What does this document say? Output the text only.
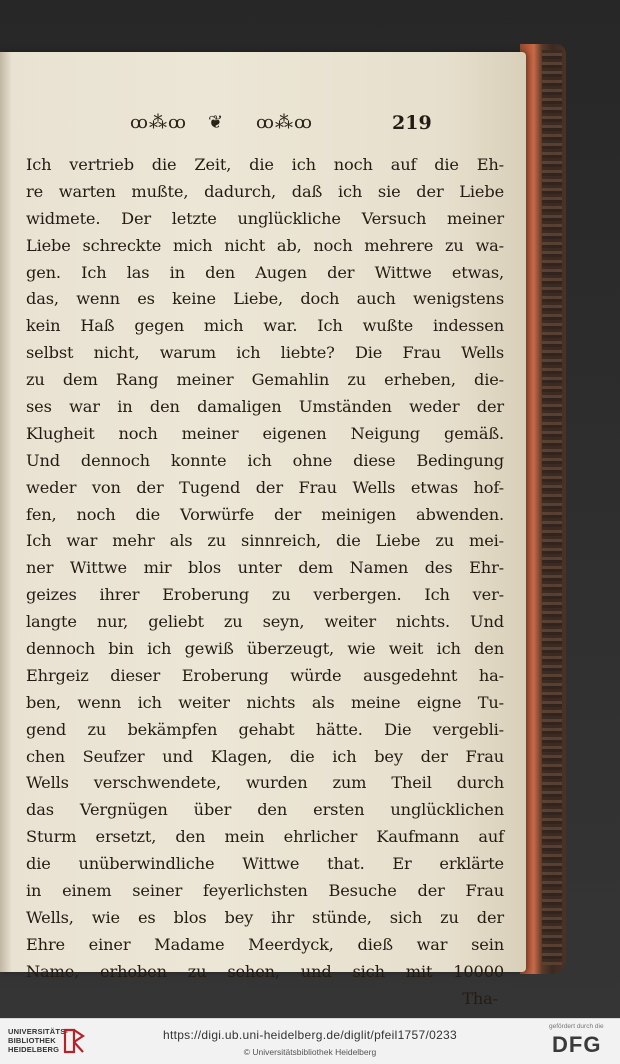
ꝏ⁂ꝏ ❦ ꝏ⁂ꝏ	219
Ich vertrieb die Zeit, die ich noch auf die Eh-
re warten mußte, dadurch, daß ich sie der Liebe
widmete. Der letzte unglückliche Versuch meiner
Liebe schreckte mich nicht ab, noch mehrere zu wa-
gen. Ich las in den Augen der Wittwe etwas,
das, wenn es keine Liebe, doch auch wenigstens
kein Haß gegen mich war. Ich wußte indessen
selbst nicht, warum ich liebte? Die Frau Wells
zu dem Rang meiner Gemahlin zu erheben, die-
ses war in den damaligen Umständen weder der
Klugheit noch meiner eigenen Neigung gemäß.
Und dennoch konnte ich ohne diese Bedingung
weder von der Tugend der Frau Wells etwas hof-
fen, noch die Vorwürfe der meinigen abwenden.
Ich war mehr als zu sinnreich, die Liebe zu mei-
ner Wittwe mir blos unter dem Namen des Ehr-
geizes ihrer Eroberung zu verbergen. Ich ver-
langte nur, geliebt zu seyn, weiter nichts. Und
dennoch bin ich gewiß überzeugt, wie weit ich den
Ehrgeiz dieser Eroberung würde ausgedehnt ha-
ben, wenn ich weiter nichts als meine eigne Tu-
gend zu bekämpfen gehabt hätte. Die vergebli-
chen Seufzer und Klagen, die ich bey der Frau
Wells verschwendete, wurden zum Theil durch
das Vergnügen über den ersten unglücklichen
Sturm ersetzt, den mein ehrlicher Kaufmann auf
die unüberwindliche Wittwe that. Er erklärte
in einem seiner feyerlichsten Besuche der Frau
Wells, wie es blos bey ihr stünde, sich zu der
Ehre einer Madame Meerdyck, dieß war sein
Name, erhoben zu sehen, und sich mit 10000
Tha-
UNIVERSITÄTS-
BIBLIOTHEK
HEIDELBERG
https://digi.ub.uni-heidelberg.de/diglit/pfeil1757/0233
© Universitätsbibliothek Heidelberg
gefördert durch die
DFG
